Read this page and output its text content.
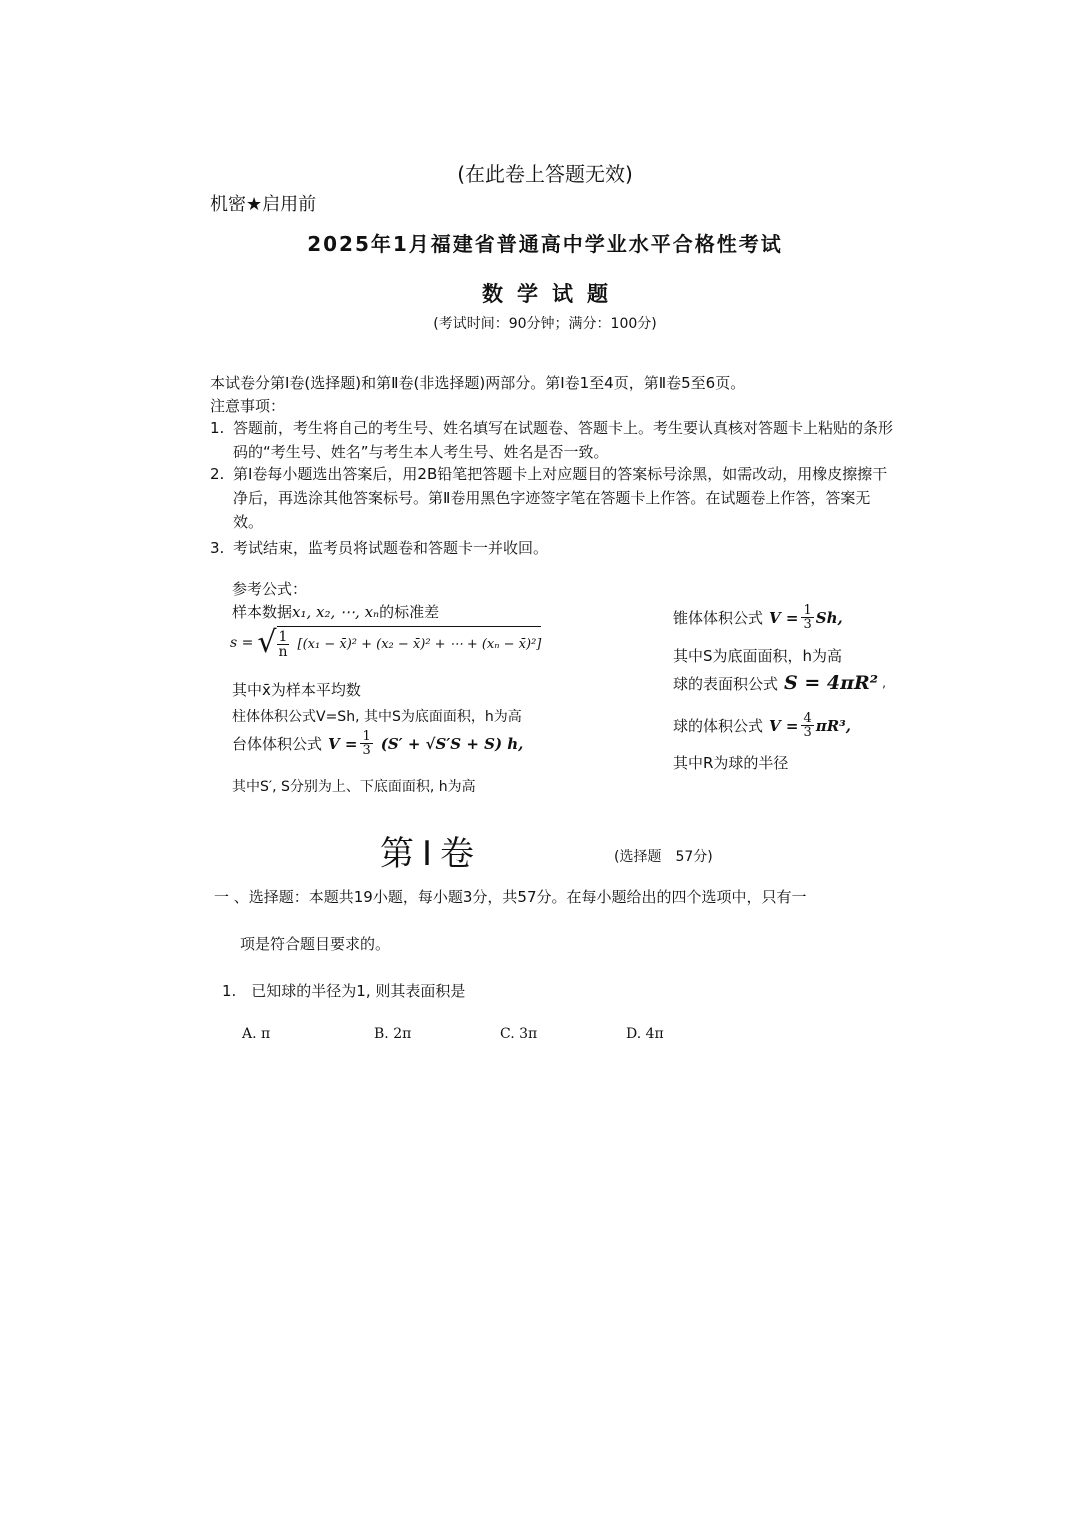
(在此卷上答题无效)
机密★启用前
2025年1月福建省普通高中学业水平合格性考试
数学试题
(考试时间：90分钟；满分：100分)
本试卷分第Ⅰ卷(选择题)和第Ⅱ卷(非选择题)两部分。第Ⅰ卷1至4页，第Ⅱ卷5至6页。
注意事项：
1. 答题前，考生将自己的考生号、姓名填写在试题卷、答题卡上。考生要认真核对答题卡上粘贴的条形码的“考生号、姓名”与考生本人考生号、姓名是否一致。
2. 第Ⅰ卷每小题选出答案后，用2B铅笔把答题卡上对应题目的答案标号涂黑，如需改动，用橡皮擦擦干净后，再选涂其他答案标号。第Ⅱ卷用黑色字迹签字笔在答题卡上作答。在试题卷上作答，答案无效。
3. 考试结束，监考员将试题卷和答题卡一并收回。
参考公式：
样本数据x₁, x₂, ⋯, xₙ的标准差
s = √ $\frac{1}{n} [(x_1$ − x̄)² + (x₂ − x̄)² + ⋯ + (xₙ − x̄)²]
其中x̄为样本平均数
柱体体积公式V=Sh, 其中S为底面面积，h为高
台体体积公式 $V = \frac{1}{3} (S' + √S'S + S)$ h,
其中S′, S分别为上、下底面面积, h为高
锥体体积公式 $V = \frac{1}{3} Sh$,
其中S为底面面积，h为高
球的表面积公式 S = 4πR² ,
球的体积公式 $V = \frac{4}{3} \pi R^3$,
其中R为球的半径
第Ⅰ卷	(选择题　57分)
一 、选择题：本题共19小题，每小题3分，共57分。在每小题给出的四个选项中，只有一
项是符合题目要求的。
1.　已知球的半径为1, 则其表面积是
A. π	B. 2π	C. 3π	D. 4π
